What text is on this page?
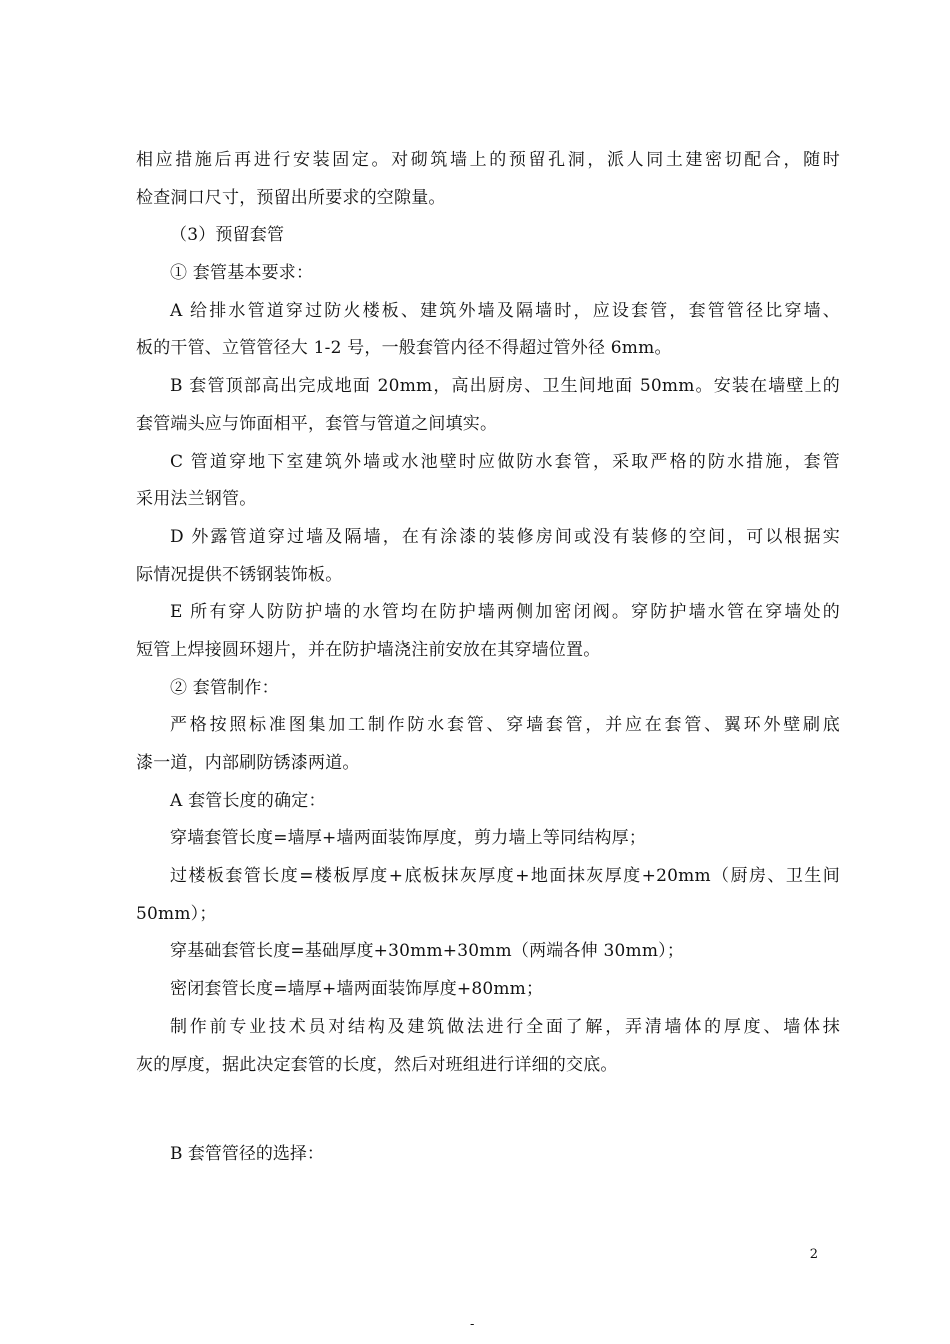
相应措施后再进行安装固定。对砌筑墙上的预留孔洞，派人同土建密切配合，随时
检查洞口尺寸，预留出所要求的空隙量。
（3）预留套管
① 套管基本要求：
A 给排水管道穿过防火楼板、建筑外墙及隔墙时，应设套管，套管管径比穿墙、
板的干管、立管管径大 1-2 号，一般套管内径不得超过管外径 6mm。
B 套管顶部高出完成地面 20mm，高出厨房、卫生间地面 50mm。安装在墙壁上的
套管端头应与饰面相平，套管与管道之间填实。
C 管道穿地下室建筑外墙或水池壁时应做防水套管，采取严格的防水措施，套管
采用法兰钢管。
D 外露管道穿过墙及隔墙，在有涂漆的装修房间或没有装修的空间，可以根据实
际情况提供不锈钢装饰板。
E 所有穿人防防护墙的水管均在防护墙两侧加密闭阀。穿防护墙水管在穿墙处的
短管上焊接圆环翅片，并在防护墙浇注前安放在其穿墙位置。
② 套管制作：
严格按照标准图集加工制作防水套管、穿墙套管，并应在套管、翼环外壁刷底
漆一道，内部刷防锈漆两道。
A 套管长度的确定：
穿墙套管长度=墙厚+墙两面装饰厚度，剪力墙上等同结构厚；
过楼板套管长度=楼板厚度+底板抹灰厚度+地面抹灰厚度+20mm（厨房、卫生间
50mm）；
穿基础套管长度=基础厚度+30mm+30mm（两端各伸 30mm）；
密闭套管长度=墙厚+墙两面装饰厚度+80mm；
制作前专业技术员对结构及建筑做法进行全面了解，弄清墙体的厚度、墙体抹
灰的厚度，据此决定套管的长度，然后对班组进行详细的交底。
B 套管管径的选择：
2
-
